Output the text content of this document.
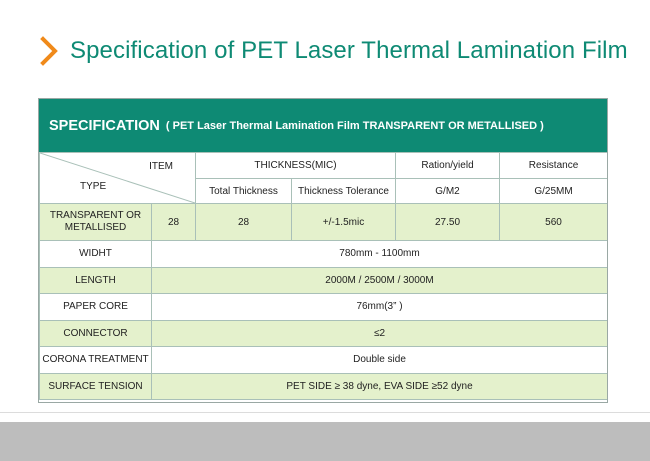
Specification of PET Laser Thermal Lamination Film
SPECIFICATION ( PET Laser Thermal Lamination Film TRANSPARENT OR METALLISED )
ITEM
TYPE		THICKNESS(MIC)		Ration/yield	Resistance
		Total Thickness	Thickness Tolerance	G/M2	G/25MM
TRANSPARENT OR METALLISED	28	28	+/-1.5mic	27.50	560
WIDHT	780mm - 1100mm				
LENGTH	2000M / 2500M / 3000M				
PAPER CORE	76mm(3” )				
CONNECTOR	≤2				
CORONA TREATMENT	Double side				
SURFACE TENSION	PET SIDE ≥ 38 dyne, EVA SIDE ≥52 dyne				
